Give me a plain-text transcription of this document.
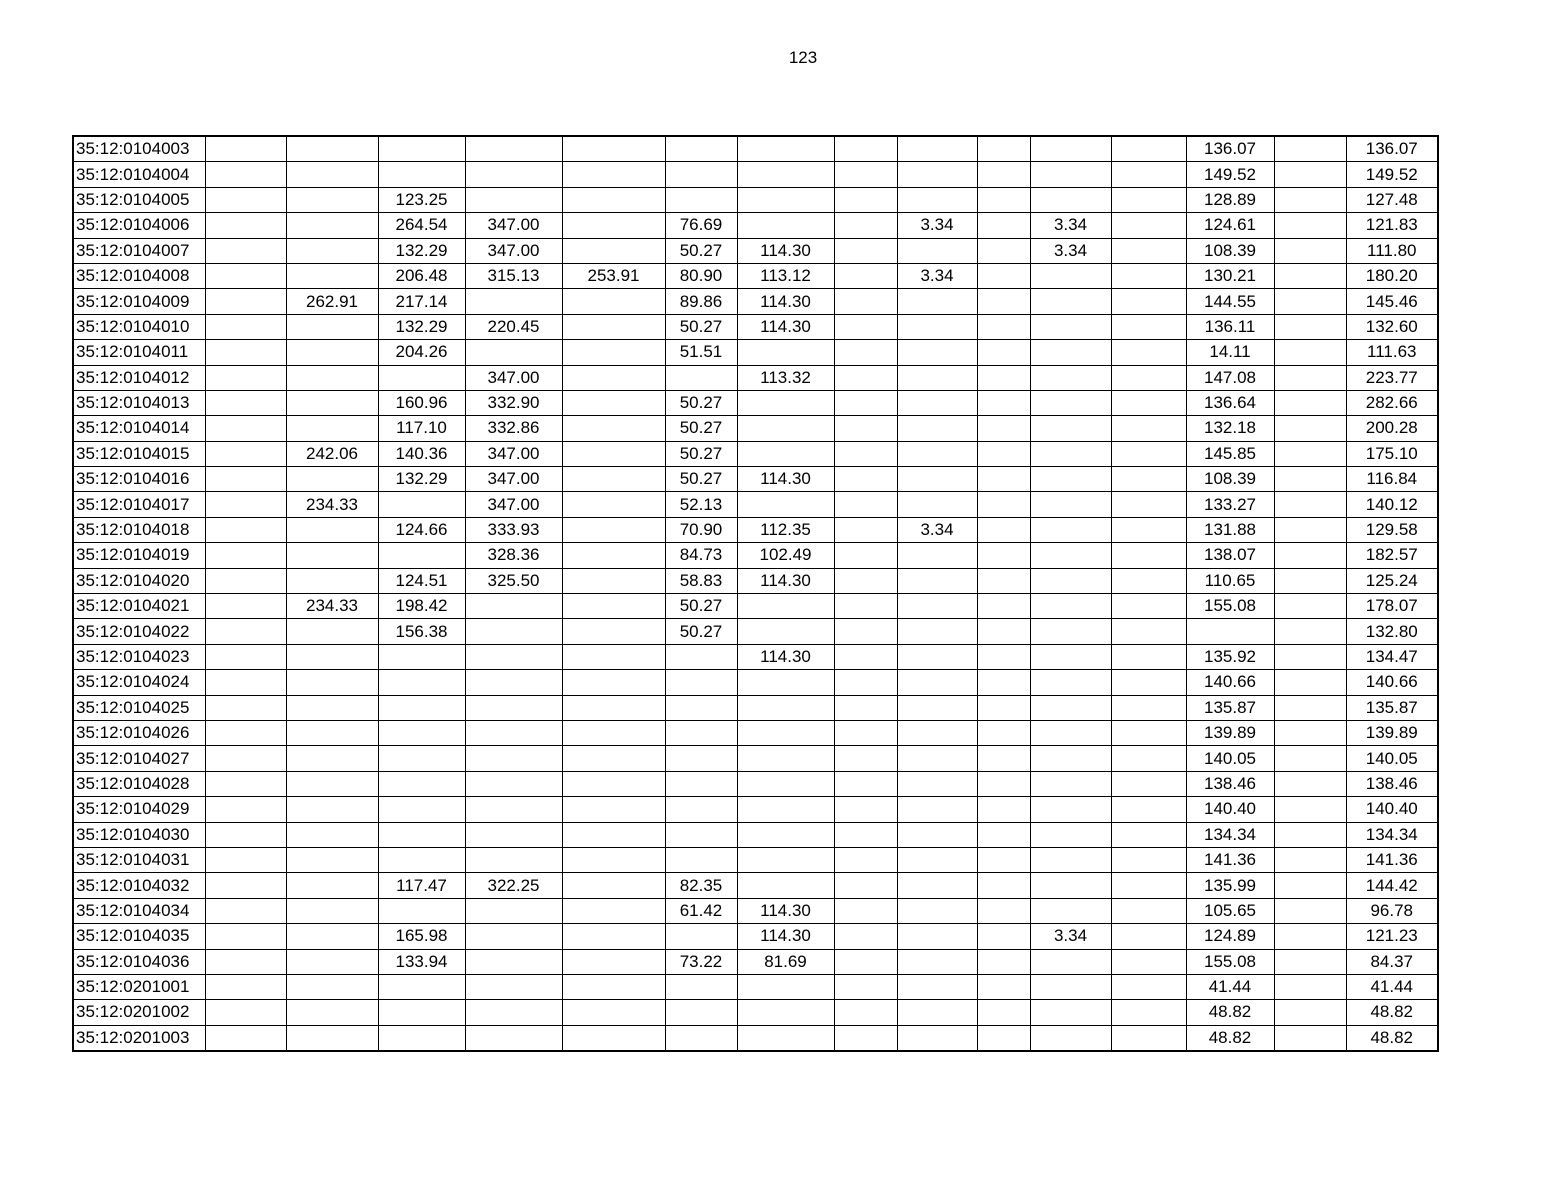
123
35:12:0104003													136.07		136.07
35:12:0104004													149.52		149.52
35:12:0104005			123.25										128.89		127.48
35:12:0104006			264.54	347.00		76.69			3.34		3.34		124.61		121.83
35:12:0104007			132.29	347.00		50.27	114.30				3.34		108.39		111.80
35:12:0104008			206.48	315.13	253.91	80.90	113.12		3.34				130.21		180.20
35:12:0104009		262.91	217.14			89.86	114.30						144.55		145.46
35:12:0104010			132.29	220.45		50.27	114.30						136.11		132.60
35:12:0104011			204.26			51.51							14.11		111.63
35:12:0104012				347.00			113.32						147.08		223.77
35:12:0104013			160.96	332.90		50.27							136.64		282.66
35:12:0104014			117.10	332.86		50.27							132.18		200.28
35:12:0104015		242.06	140.36	347.00		50.27							145.85		175.10
35:12:0104016			132.29	347.00		50.27	114.30						108.39		116.84
35:12:0104017		234.33		347.00		52.13							133.27		140.12
35:12:0104018			124.66	333.93		70.90	112.35		3.34				131.88		129.58
35:12:0104019				328.36		84.73	102.49						138.07		182.57
35:12:0104020			124.51	325.50		58.83	114.30						110.65		125.24
35:12:0104021		234.33	198.42			50.27							155.08		178.07
35:12:0104022			156.38			50.27									132.80
35:12:0104023							114.30						135.92		134.47
35:12:0104024													140.66		140.66
35:12:0104025													135.87		135.87
35:12:0104026													139.89		139.89
35:12:0104027													140.05		140.05
35:12:0104028													138.46		138.46
35:12:0104029													140.40		140.40
35:12:0104030													134.34		134.34
35:12:0104031													141.36		141.36
35:12:0104032			117.47	322.25		82.35							135.99		144.42
35:12:0104034						61.42	114.30						105.65		96.78
35:12:0104035			165.98				114.30				3.34		124.89		121.23
35:12:0104036			133.94			73.22	81.69						155.08		84.37
35:12:0201001													41.44		41.44
35:12:0201002													48.82		48.82
35:12:0201003													48.82		48.82
